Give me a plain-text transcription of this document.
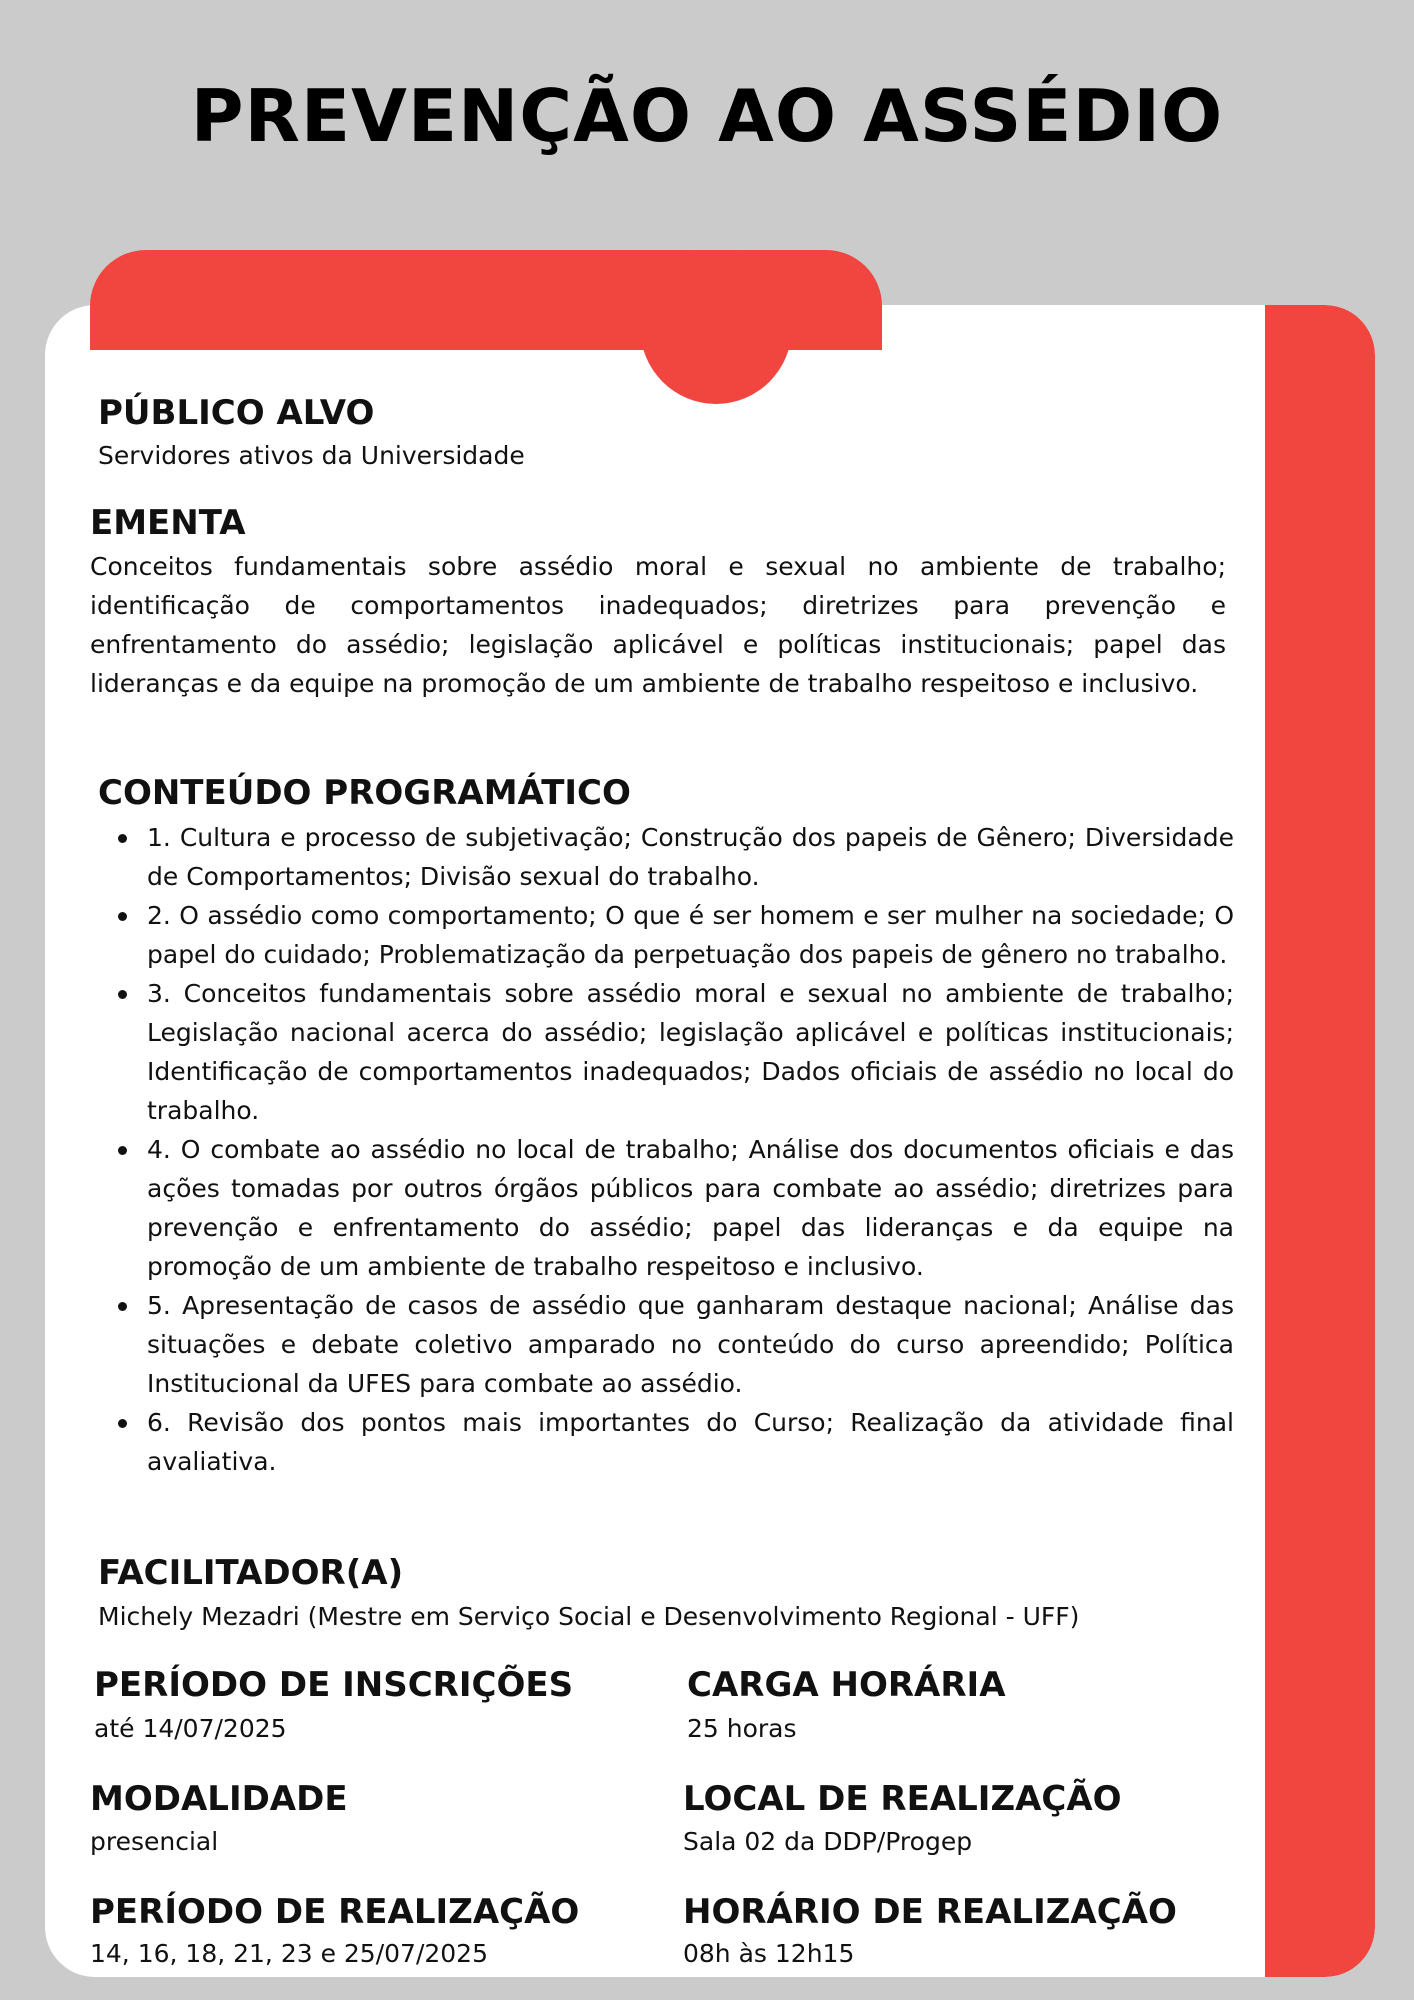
PREVENÇÃO AO ASSÉDIO
PÚBLICO ALVO
Servidores ativos da Universidade
EMENTA
Conceitos fundamentais sobre assédio moral e sexual no ambiente de trabalho; identificação de comportamentos inadequados; diretrizes para prevenção e enfrentamento do assédio; legislação aplicável e políticas institucionais; papel das lideranças e da equipe na promoção de um ambiente de trabalho respeitoso e inclusivo.
CONTEÚDO PROGRAMÁTICO
1. Cultura e processo de subjetivação; Construção dos papeis de Gênero; Diversidade de Comportamentos; Divisão sexual do trabalho.
2. O assédio como comportamento; O que é ser homem e ser mulher na sociedade; O papel do cuidado; Problematização da perpetuação dos papeis de gênero no trabalho.
3. Conceitos fundamentais sobre assédio moral e sexual no ambiente de trabalho; Legislação nacional acerca do assédio; legislação aplicável e políticas institucionais; Identificação de comportamentos inadequados; Dados oficiais de assédio no local do trabalho.
4. O combate ao assédio no local de trabalho; Análise dos documentos oficiais e das ações tomadas por outros órgãos públicos para combate ao assédio; diretrizes para prevenção e enfrentamento do assédio; papel das lideranças e da equipe na promoção de um ambiente de trabalho respeitoso e inclusivo.
5. Apresentação de casos de assédio que ganharam destaque nacional; Análise das situações e debate coletivo amparado no conteúdo do curso apreendido; Política Institucional da UFES para combate ao assédio.
6. Revisão dos pontos mais importantes do Curso; Realização da atividade final avaliativa.
FACILITADOR(A)
Michely Mezadri (Mestre em Serviço Social e Desenvolvimento Regional - UFF)
PERÍODO DE INSCRIÇÕES
até 14/07/2025
CARGA HORÁRIA
25 horas
MODALIDADE
presencial
LOCAL DE REALIZAÇÃO
Sala 02 da DDP/Progep
PERÍODO DE REALIZAÇÃO
14, 16, 18, 21, 23 e 25/07/2025
HORÁRIO DE REALIZAÇÃO
08h às 12h15
